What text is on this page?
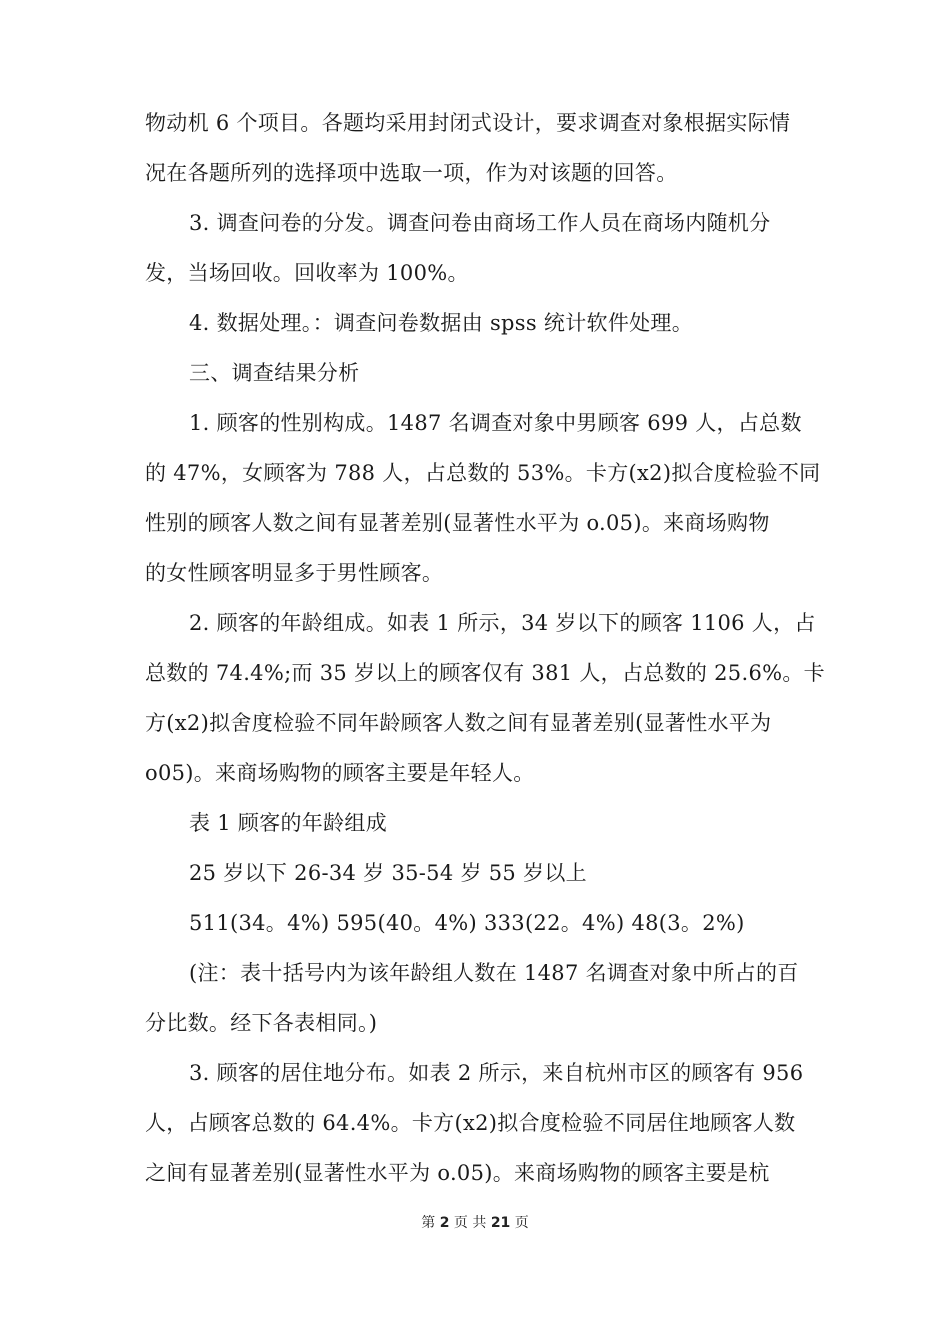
物动机 6 个项目。各题均采用封闭式设计，要求调查对象根据实际情
况在各题所列的选择项中选取一项，作为对该题的回答。
3. 调查问卷的分发。调查问卷由商场工作人员在商场内随机分
发，当场回收。回收率为 100%。
4. 数据处理。：调查问卷数据由 spss 统计软件处理。
三、调查结果分析
1. 顾客的性别构成。1487 名调查对象中男顾客 699 人，占总数
的 47%，女顾客为 788 人，占总数的 53%。卡方(x2)拟合度检验不同
性别的顾客人数之间有显著差别(显著性水平为 o.05)。来商场购物
的女性顾客明显多于男性顾客。
2. 顾客的年龄组成。如表 1 所示，34 岁以下的顾客 1106 人，占
总数的 74.4%;而 35 岁以上的顾客仅有 381 人，占总数的 25.6%。卡
方(x2)拟舍度检验不同年龄顾客人数之间有显著差别(显著性水平为
o05)。来商场购物的顾客主要是年轻人。
表 1 顾客的年龄组成
25 岁以下 26-34 岁 35-54 岁 55 岁以上
511(34。4%) 595(40。4%) 333(22。4%) 48(3。2%)
(注：表十括号内为该年龄组人数在 1487 名调查对象中所占的百
分比数。经下各表相同。)
3. 顾客的居住地分布。如表 2 所示，来自杭州市区的顾客有 956
人，占顾客总数的 64.4%。卡方(x2)拟合度检验不同居住地顾客人数
之间有显著差别(显著性水平为 o.05)。来商场购物的顾客主要是杭
第 2 页 共 21 页
